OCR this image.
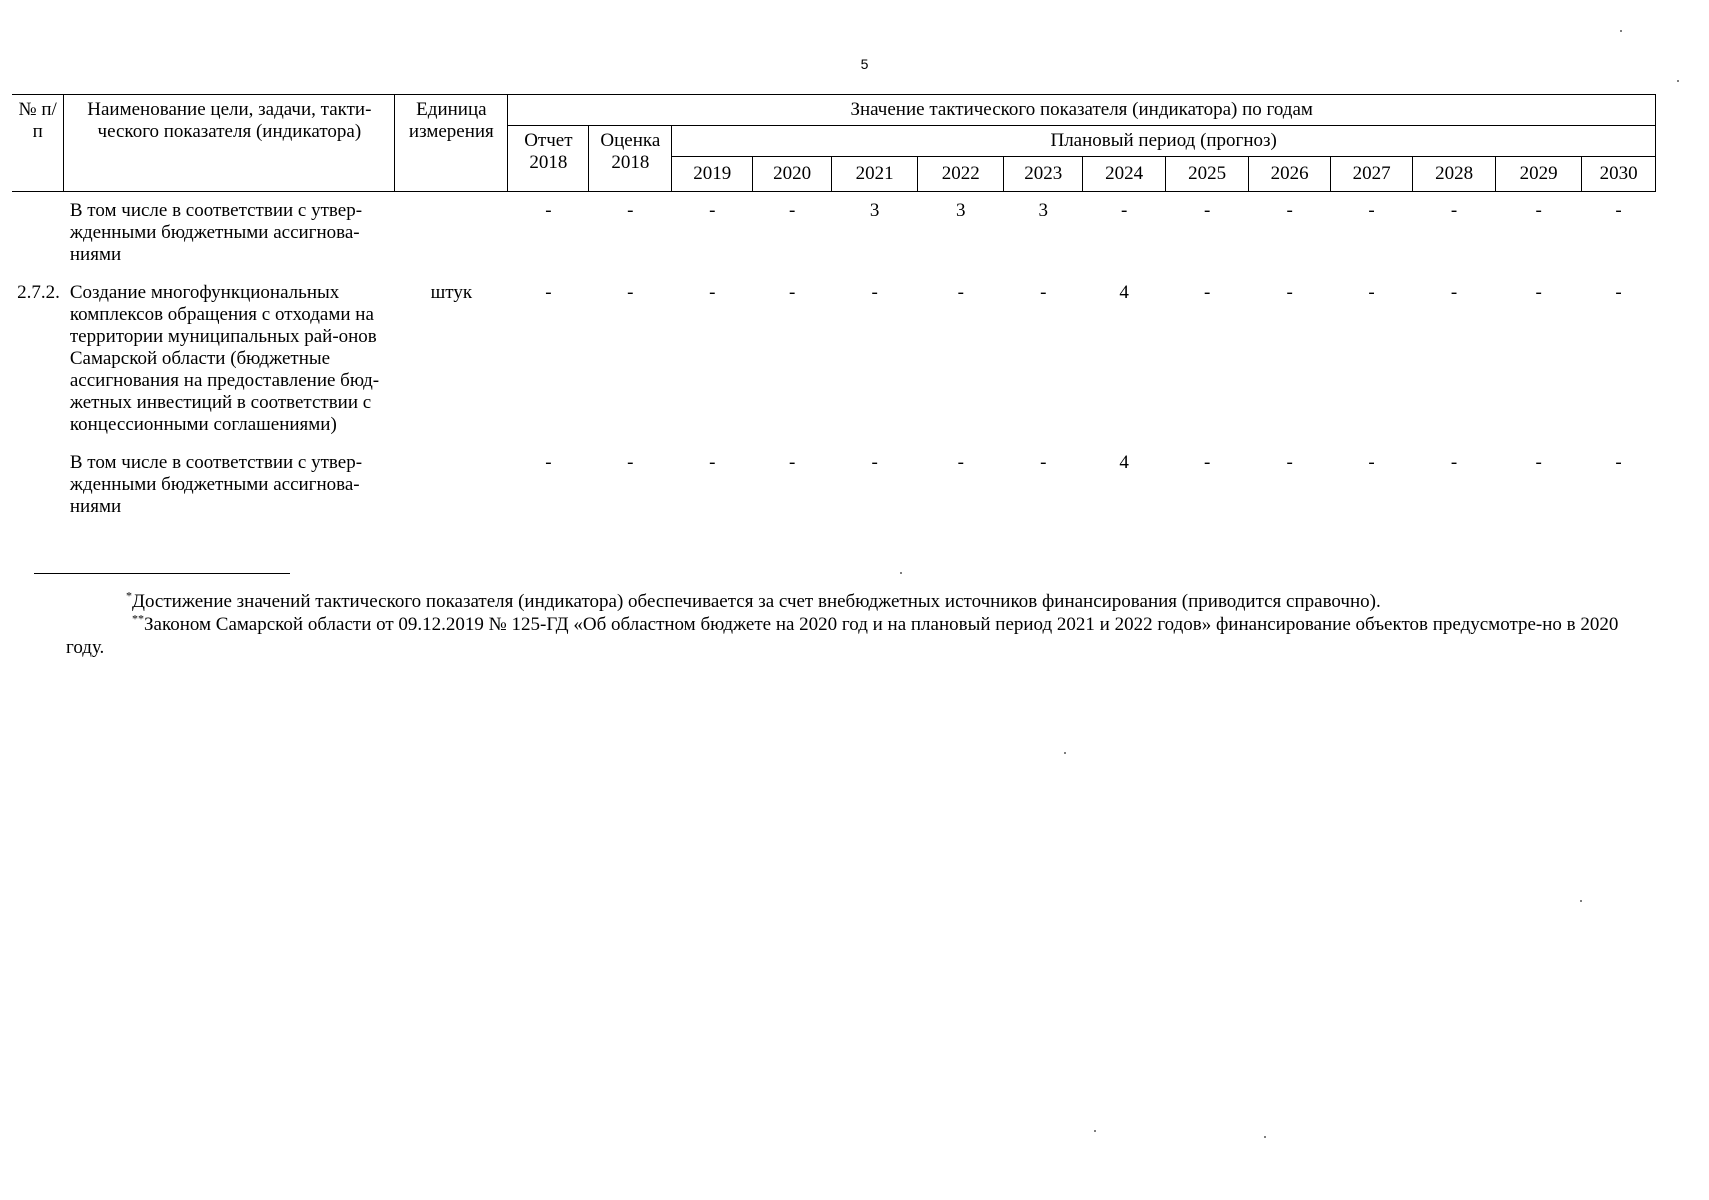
5
№ п/п	Наименование цели, задачи, такти-ческого показателя (индикатора)	Единица измерения	Значение тактического показателя (индикатора) по годам													
			Отчет 2018	Оценка 2018	Плановый период (прогноз)											
					2019	2020	2021	2022	2023	2024	2025	2026	2027	2028	2029	2030
	В том числе в соответствии с утвер-жденными бюджетными ассигнова-ниями		-	-	-	-	3	3	3	-	-	-	-	-	-	-
2.7.2.	Создание многофункциональных комплексов обращения с отходами на территории муниципальных рай-онов Самарской области (бюджетные ассигнования на предоставление бюд-жетных инвестиций в соответствии с концессионными соглашениями)	штук	-	-	-	-	-	-	-	4	-	-	-	-	-	-
	В том числе в соответствии с утвер-жденными бюджетными ассигнова-ниями		-	-	-	-	-	-	-	4	-	-	-	-	-	-
*Достижение значений тактического показателя (индикатора) обеспечивается за счет внебюджетных источников финансирования (приводится справочно).
**Законом Самарской области от 09.12.2019 № 125-ГД «Об областном бюджете на 2020 год и на плановый период 2021 и 2022 годов» финансирование объектов предусмотре-но в 2020 году.
